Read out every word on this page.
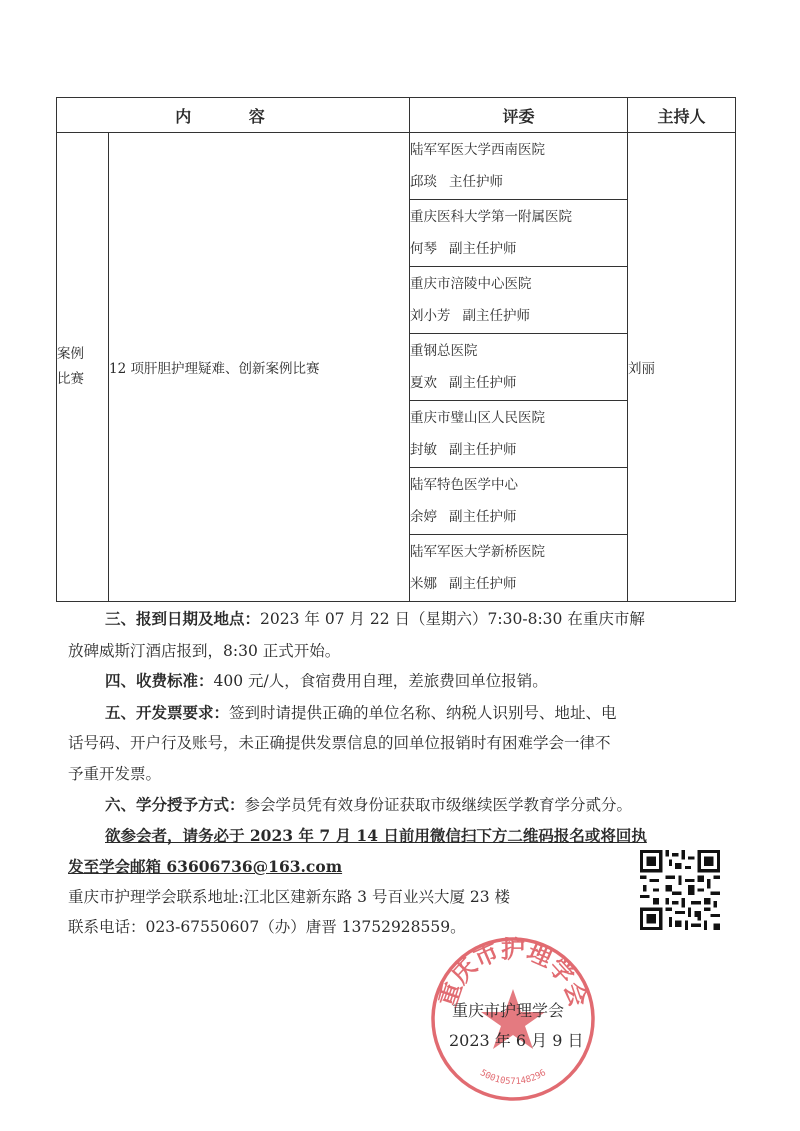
内 容		评委	主持人
案例
比赛	12 项肝胆护理疑难、创新案例比赛	陆军军医大学西南医院
邱琰 主任护师	刘丽

		重庆医科大学第一附属医院
何琴 副主任护师	

		重庆市涪陵中心医院
刘小芳 副主任护师	

		重钢总医院
夏欢 副主任护师	

		重庆市璧山区人民医院
封敏 副主任护师	

		陆军特色医学中心
余婷 副主任护师	

		陆军军医大学新桥医院
米娜 副主任护师	
三、报到日期及地点：2023 年 07 月 22 日（星期六）7:30-8:30 在重庆市解
放碑威斯汀酒店报到，8:30 正式开始。
四、收费标准：400 元/人，食宿费用自理，差旅费回单位报销。
五、开发票要求：签到时请提供正确的单位名称、纳税人识别号、地址、电
话号码、开户行及账号，未正确提供发票信息的回单位报销时有困难学会一律不
予重开发票。
六、学分授予方式：参会学员凭有效身份证获取市级继续医学教育学分贰分。
欲参会者，请务必于 2023 年 7 月 14 日前用微信扫下方二维码报名或将回执
发至学会邮箱 63606736@163.com
重庆市护理学会联系地址:江北区建新东路 3 号百业兴大厦 23 楼
联系电话：023-67550607（办）唐晋 13752928559。
重庆市护理学会
5001057148296
重庆市护理学会
2023 年 6 月 9 日
